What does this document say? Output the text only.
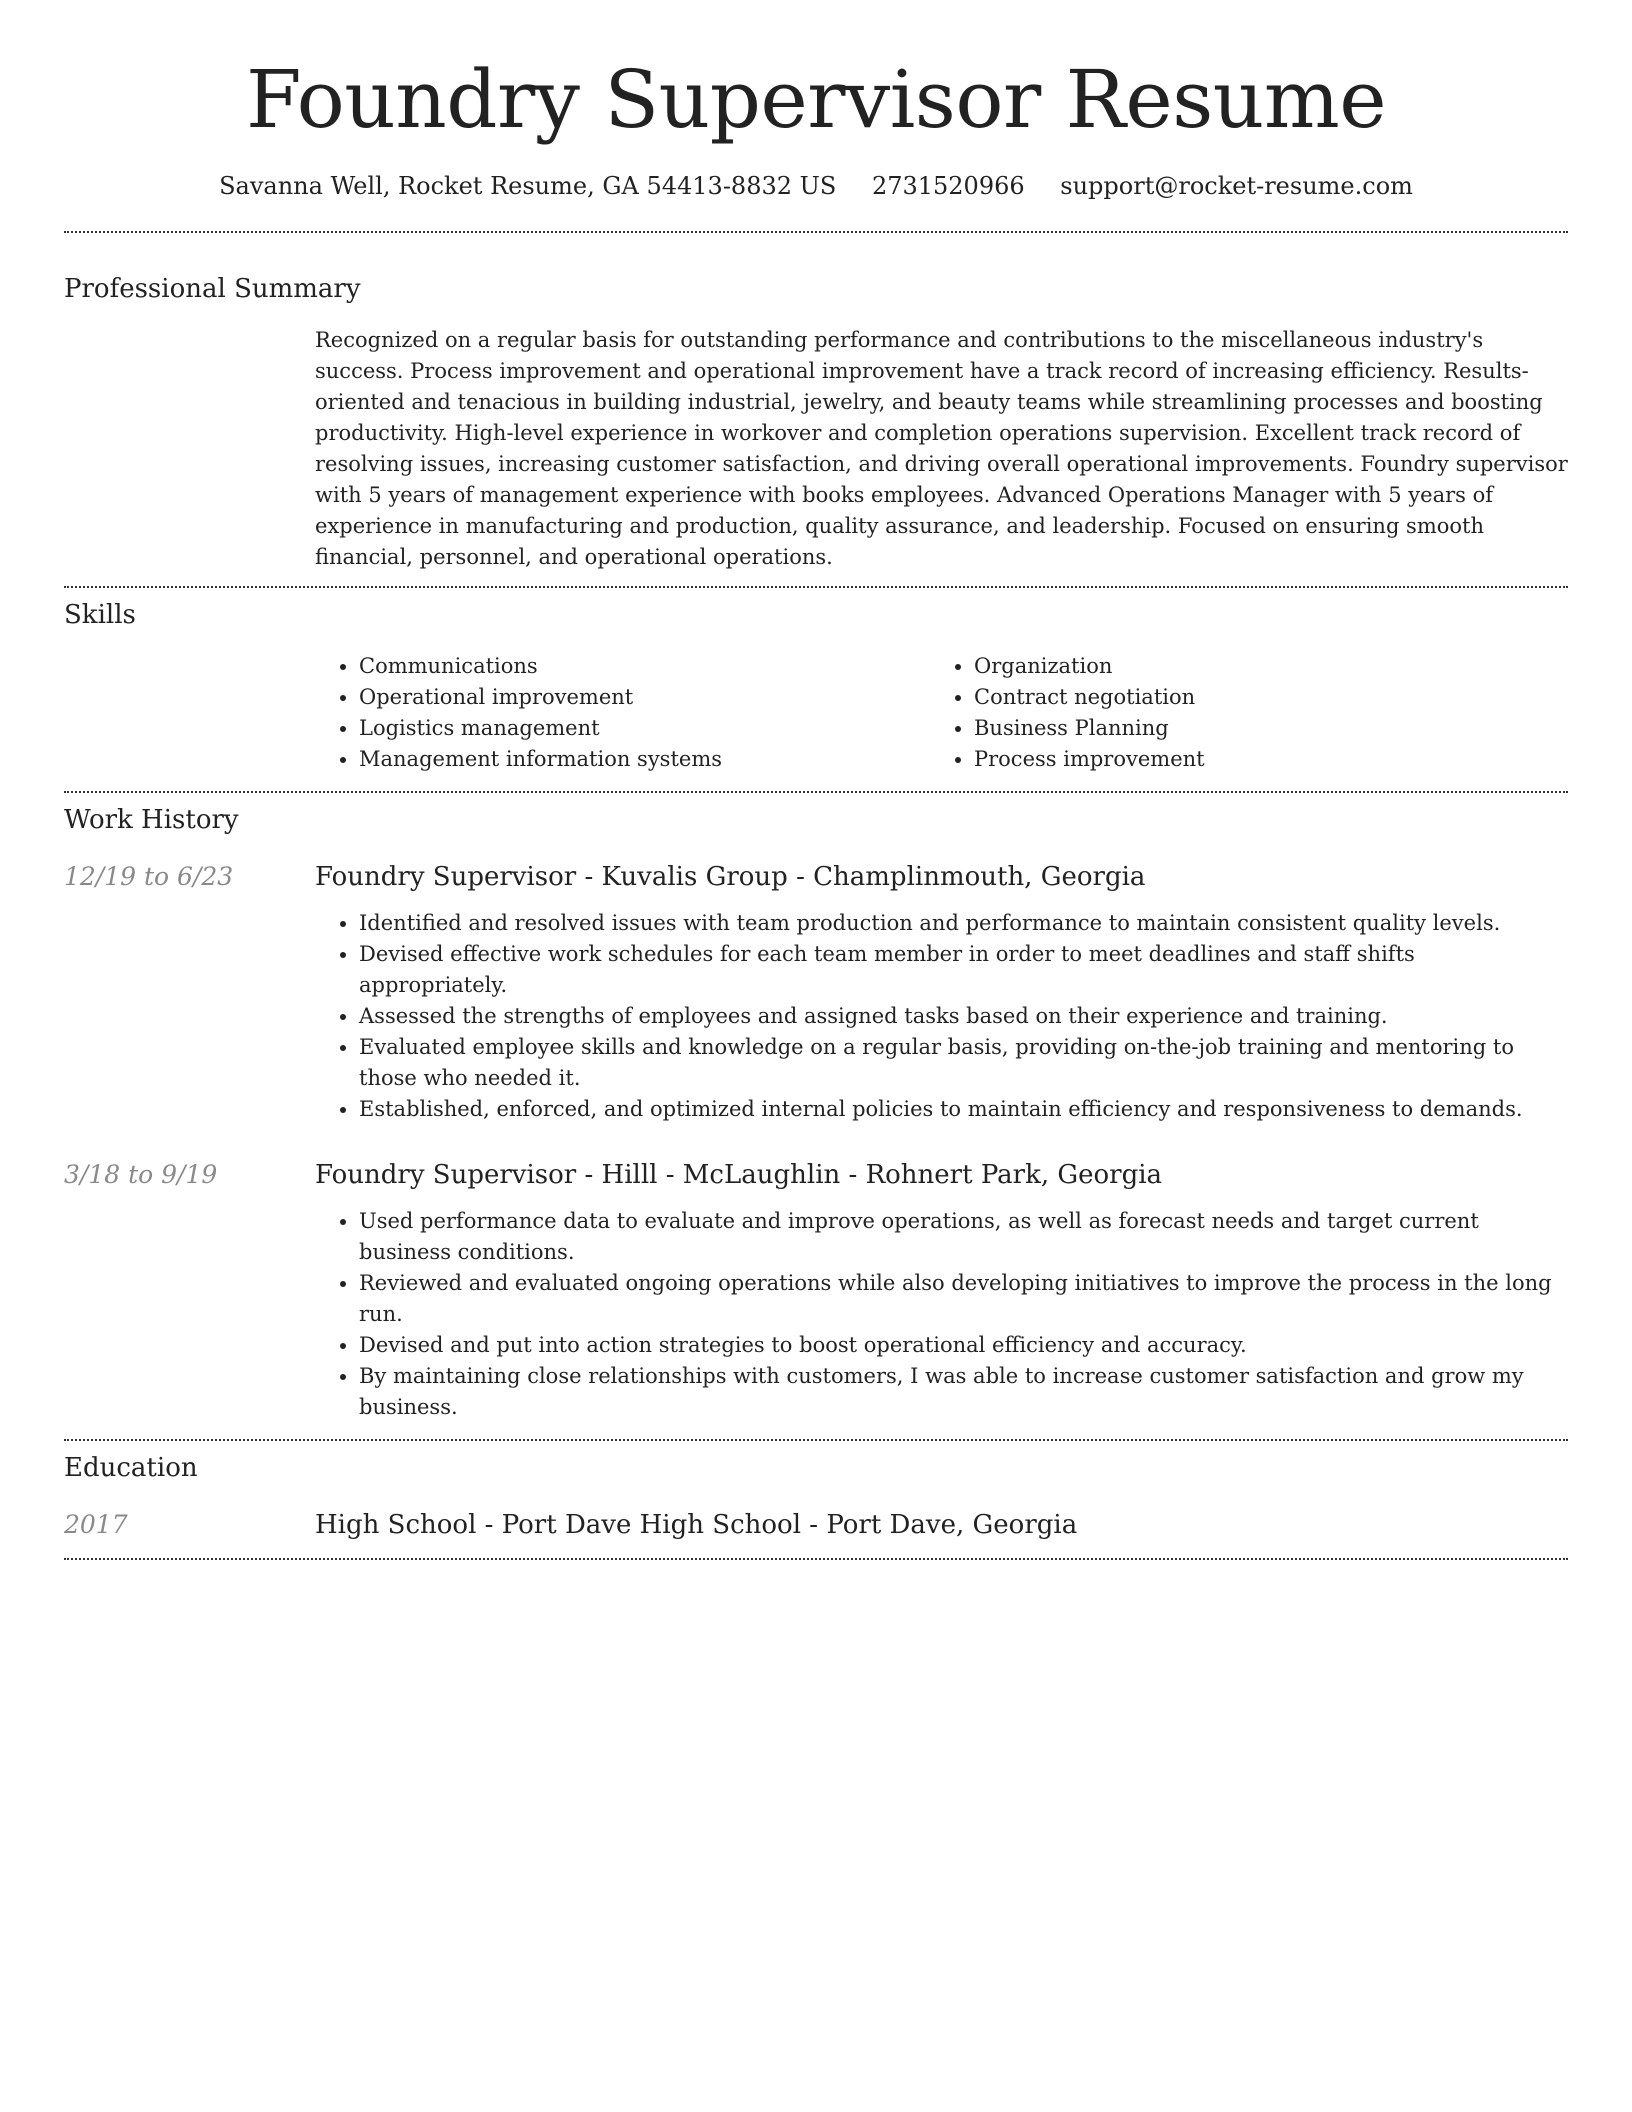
Foundry Supervisor Resume
Savanna Well, Rocket Resume, GA 54413-8832 US 2731520966 support@rocket-resume.com
Professional Summary

Recognized on a regular basis for outstanding performance and contributions to the miscellaneous industry's success. Process improvement and operational improvement have a track record of increasing efficiency. Results-oriented and tenacious in building industrial, jewelry, and beauty teams while streamlining processes and boosting productivity. High-level experience in workover and completion operations supervision. Excellent track record of resolving issues, increasing customer satisfaction, and driving overall operational improvements. Foundry supervisor with 5 years of management experience with books employees. Advanced Operations Manager with 5 years of experience in manufacturing and production, quality assurance, and leadership. Focused on ensuring smooth financial, personnel, and operational operations.

Skills
• Communications
• Operational improvement
• Logistics management
• Management information systems
• Organization
• Contract negotiation
• Business Planning
• Process improvement
Work History
12/19 to 6/23	Foundry Supervisor - Kuvalis Group - Champlinmouth, Georgia
• Identified and resolved issues with team production and performance to maintain consistent quality levels.
• Devised effective work schedules for each team member in order to meet deadlines and staff shifts appropriately.
• Assessed the strengths of employees and assigned tasks based on their experience and training.
• Evaluated employee skills and knowledge on a regular basis, providing on-the-job training and mentoring to those who needed it.
• Established, enforced, and optimized internal policies to maintain efficiency and responsiveness to demands.
3/18 to 9/19	Foundry Supervisor - Hilll - McLaughlin - Rohnert Park, Georgia
• Used performance data to evaluate and improve operations, as well as forecast needs and target current business conditions.
• Reviewed and evaluated ongoing operations while also developing initiatives to improve the process in the long run.
• Devised and put into action strategies to boost operational efficiency and accuracy.
• By maintaining close relationships with customers, I was able to increase customer satisfaction and grow my business.
Education
2017	High School - Port Dave High School - Port Dave, Georgia
